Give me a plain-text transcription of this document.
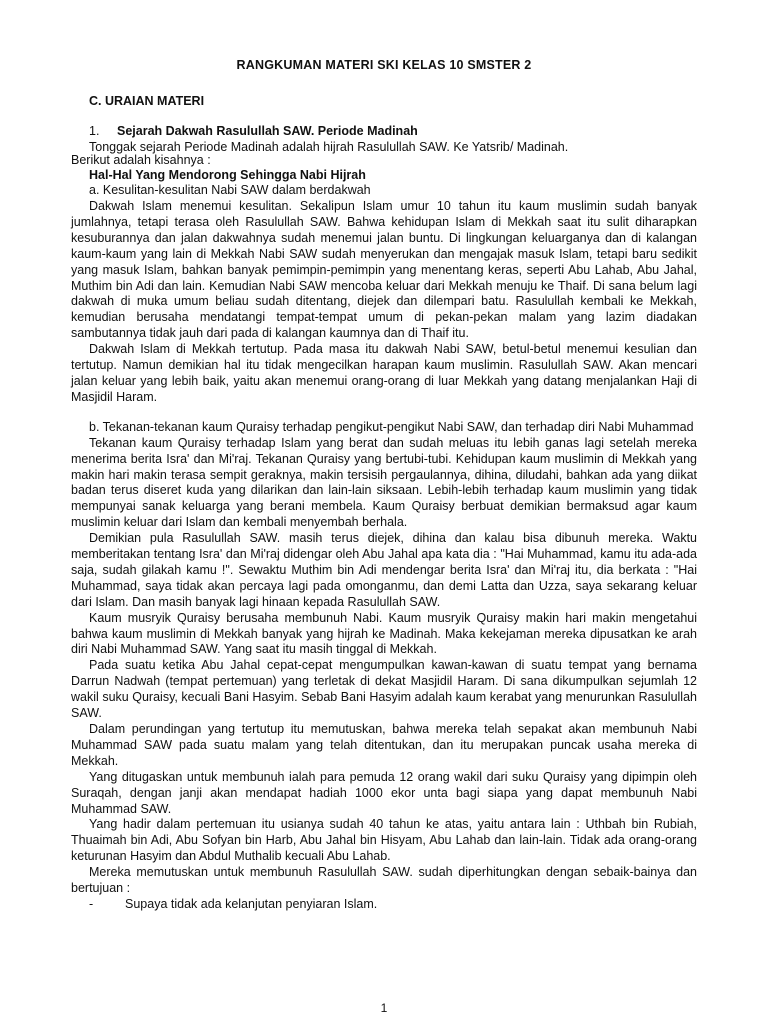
RANGKUMAN MATERI SKI KELAS 10 SMSTER 2
C. URAIAN MATERI
1. Sejarah Dakwah Rasulullah SAW. Periode Madinah
Tonggak sejarah Periode Madinah adalah hijrah Rasulullah SAW. Ke Yatsrib/ Madinah.
Berikut adalah kisahnya :
Hal-Hal Yang Mendorong Sehingga Nabi Hijrah
a. Kesulitan-kesulitan Nabi SAW dalam berdakwah

Dakwah Islam menemui kesulitan. Sekalipun Islam umur 10 tahun itu kaum muslimin sudah banyak jumlahnya, tetapi terasa oleh Rasulullah SAW. Bahwa kehidupan Islam di Mekkah saat itu sulit diharapkan kesuburannya dan jalan dakwahnya sudah menemui jalan buntu. Di lingkungan keluarganya dan di kalangan kaum-kaum yang lain di Mekkah Nabi SAW sudah menyerukan dan mengajak masuk Islam, tetapi baru sedikit yang masuk Islam, bahkan banyak pemimpin-pemimpin yang menentang keras, seperti Abu Lahab, Abu Jahal, Muthim bin Adi dan lain. Kemudian Nabi SAW mencoba keluar dari Mekkah menuju ke Thaif. Di sana belum lagi dakwah di muka umum beliau sudah ditentang, diejek dan dilempari batu. Rasulullah kembali ke Mekkah, kemudian berusaha mendatangi tempat-tempat umum di pekan-pekan malam yang lazim diadakan sambutannya tidak jauh dari pada di kalangan kaumnya dan di Thaif itu.

Dakwah Islam di Mekkah tertutup. Pada masa itu dakwah Nabi SAW, betul-betul menemui kesulian dan tertutup. Namun demikian hal itu tidak mengecilkan harapan kaum muslimin. Rasulullah SAW. Akan mencari jalan keluar yang lebih baik, yaitu akan menemui orang-orang di luar Mekkah yang datang menjalankan Haji di Masjidil Haram.

b. Tekanan-tekanan kaum Quraisy terhadap pengikut-pengikut Nabi SAW, dan terhadap diri Nabi Muhammad

Tekanan kaum Quraisy terhadap Islam yang berat dan sudah meluas itu lebih ganas lagi setelah mereka menerima berita Isra' dan Mi'raj. Tekanan Quraisy yang bertubi-tubi. Kehidupan kaum muslimin di Mekkah yang makin hari makin terasa sempit geraknya, makin tersisih pergaulannya, dihina, diludahi, bahkan ada yang diikat badan terus diseret kuda yang dilarikan dan lain-lain siksaan. Lebih-lebih terhadap kaum muslimin yang tidak mempunyai sanak keluarga yang berani membela. Kaum Quraisy berbuat demikian bermaksud agar kaum muslimin keluar dari Islam dan kembali menyembah berhala.

Demikian pula Rasulullah SAW. masih terus diejek, dihina dan kalau bisa dibunuh mereka. Waktu memberitakan tentang Isra' dan Mi'raj didengar oleh Abu Jahal apa kata dia : "Hai Muhammad, kamu itu ada-ada saja, sudah gilakah kamu !". Sewaktu Muthim bin Adi mendengar berita Isra' dan Mi'raj itu, dia berkata : "Hai Muhammad, saya tidak akan percaya lagi pada omonganmu, dan demi Latta dan Uzza, saya sekarang keluar dari Islam. Dan masih banyak lagi hinaan kepada Rasulullah SAW.

Kaum musryik Quraisy berusaha membunuh Nabi. Kaum musryik Quraisy makin hari makin mengetahui bahwa kaum muslimin di Mekkah banyak yang hijrah ke Madinah. Maka kekejaman mereka dipusatkan ke arah diri Nabi Muhammad SAW. Yang saat itu masih tinggal di Mekkah.

Pada suatu ketika Abu Jahal cepat-cepat mengumpulkan kawan-kawan di suatu tempat yang bernama Darrun Nadwah (tempat pertemuan) yang terletak di dekat Masjidil Haram. Di sana dikumpulkan sejumlah 12 wakil suku Quraisy, kecuali Bani Hasyim. Sebab Bani Hasyim adalah kaum kerabat yang menurunkan Rasulullah SAW.

Dalam perundingan yang tertutup itu memutuskan, bahwa mereka telah sepakat akan membunuh Nabi Muhammad SAW pada suatu malam yang telah ditentukan, dan itu merupakan puncak usaha mereka di Mekkah.

Yang ditugaskan untuk membunuh ialah para pemuda 12 orang wakil dari suku Quraisy yang dipimpin oleh Suraqah, dengan janji akan mendapat hadiah 1000 ekor unta bagi siapa yang dapat membunuh Nabi Muhammad SAW.

Yang hadir dalam pertemuan itu usianya sudah 40 tahun ke atas, yaitu antara lain : Uthbah bin Rubiah, Thuaimah bin Adi, Abu Sofyan bin Harb, Abu Jahal bin Hisyam, Abu Lahab dan lain-lain. Tidak ada orang-orang keturunan Hasyim dan Abdul Muthalib kecuali Abu Lahab.

Mereka memutuskan untuk membunuh Rasulullah SAW. sudah diperhitungkan dengan sebaik-bainya dan bertujuan :

-	Supaya tidak ada kelanjutan penyiaran Islam.
1
